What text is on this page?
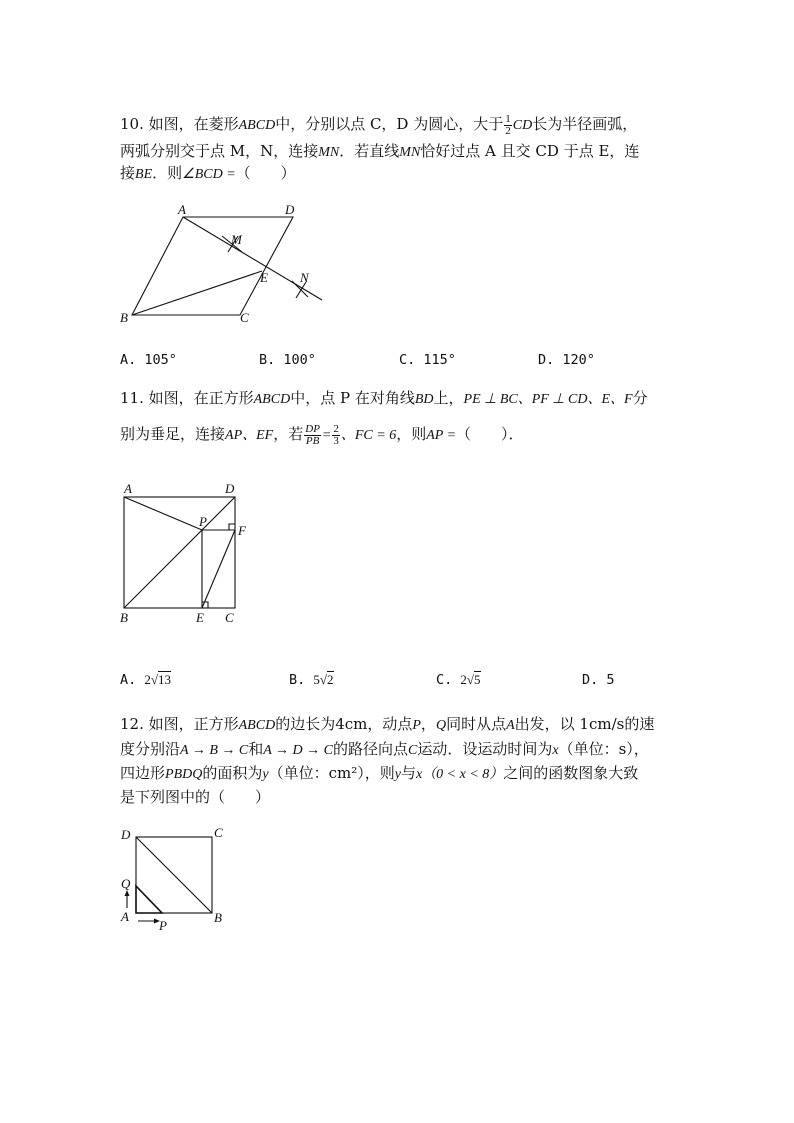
10. 如图，在菱形ABCD中，分别以点 C，D 为圆心，大于 $\frac{1}{2}$ CD长为半径画弧，
两弧分别交于点 M，N，连接MN．若直线MN恰好过点 A 且交 CD 于点 E，连
接BE．则∠BCD =（　　）
A	D
M
E N
B	C
A. 105°	B. 100°	C. 115°	D. 120°
11. 如图，在正方形ABCD中，点 P 在对角线BD上，PE ⊥ BC、PF ⊥ CD、E、F分
别为垂足，连接AP、EF，若 $\frac{DP}{PB} = \frac{2}{3}$ 、FC = 6，则AP =（　　）．
A	D
P
F
B	E C
A. 2√13	B. 5√2	C. 2√5	D. 5
12. 如图，正方形ABCD的边长为4cm，动点P，Q同时从点A出发，以 1cm/s的速
度分别沿A → B → C和A → D → C的路径向点C运动．设运动时间为x（单位：s），
四边形PBDQ的面积为y（单位：cm²），则y与x（0 < x < 8）之间的函数图象大致
是下列图中的（　　）
D	C
Q
A	B
P
